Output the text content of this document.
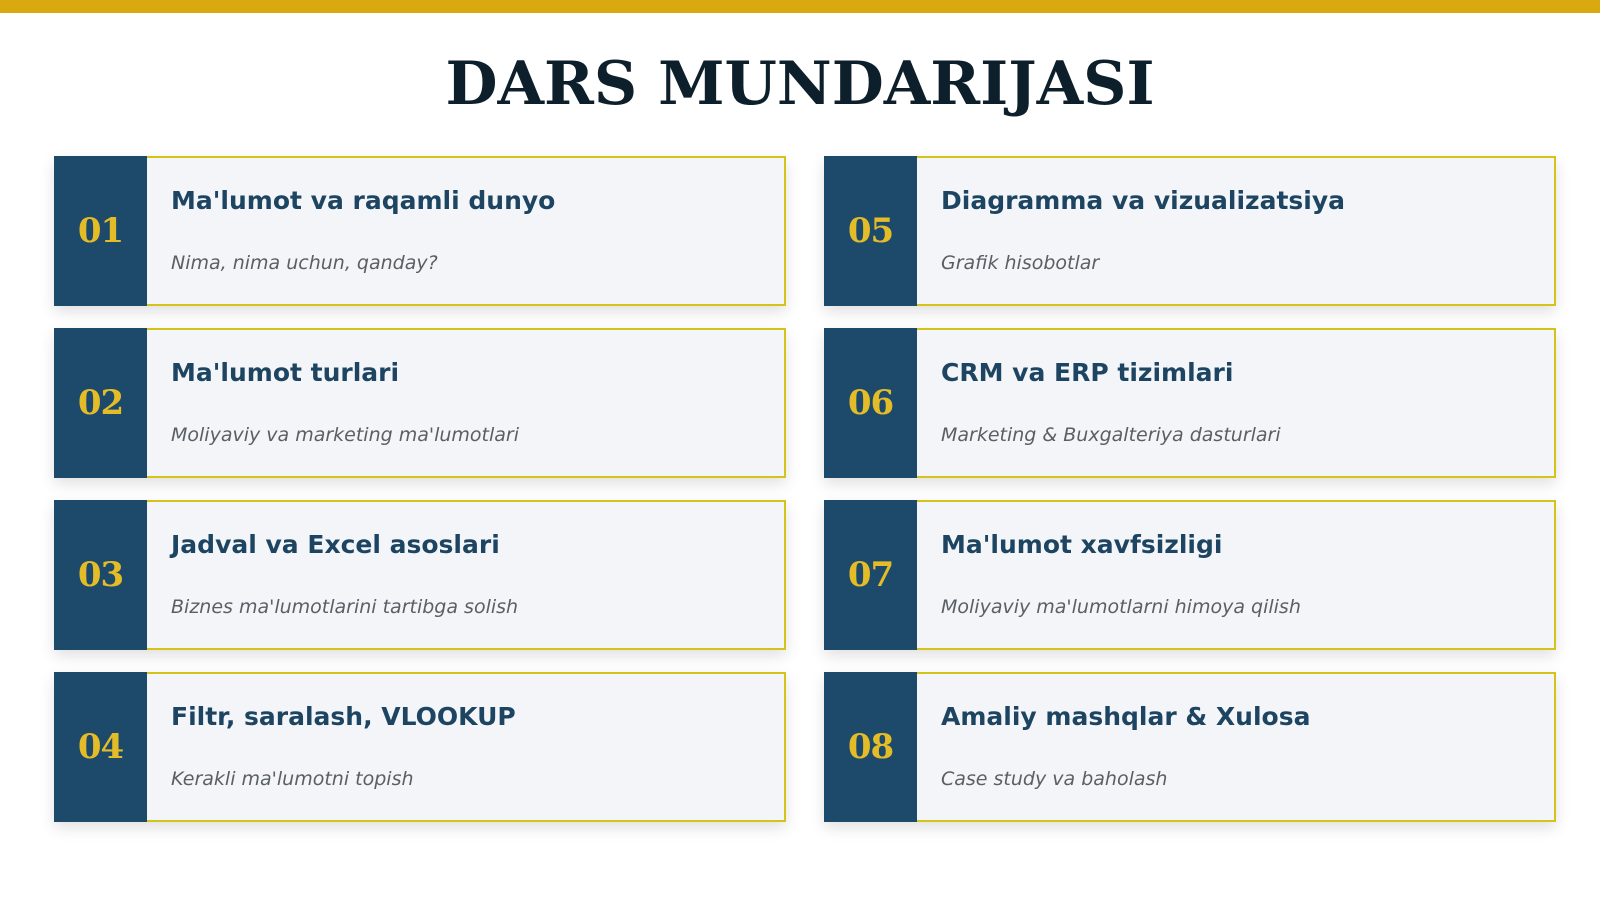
DARS MUNDARIJASI
01
Ma'lumot va raqamli dunyo
Nima, nima uchun, qanday?
05
Diagramma va vizualizatsiya
Grafik hisobotlar
02
Ma'lumot turlari
Moliyaviy va marketing ma'lumotlari
06
CRM va ERP tizimlari
Marketing & Buxgalteriya dasturlari
03
Jadval va Excel asoslari
Biznes ma'lumotlarini tartibga solish
07
Ma'lumot xavfsizligi
Moliyaviy ma'lumotlarni himoya qilish
04
Filtr, saralash, VLOOKUP
Kerakli ma'lumotni topish
08
Amaliy mashqlar & Xulosa
Case study va baholash
